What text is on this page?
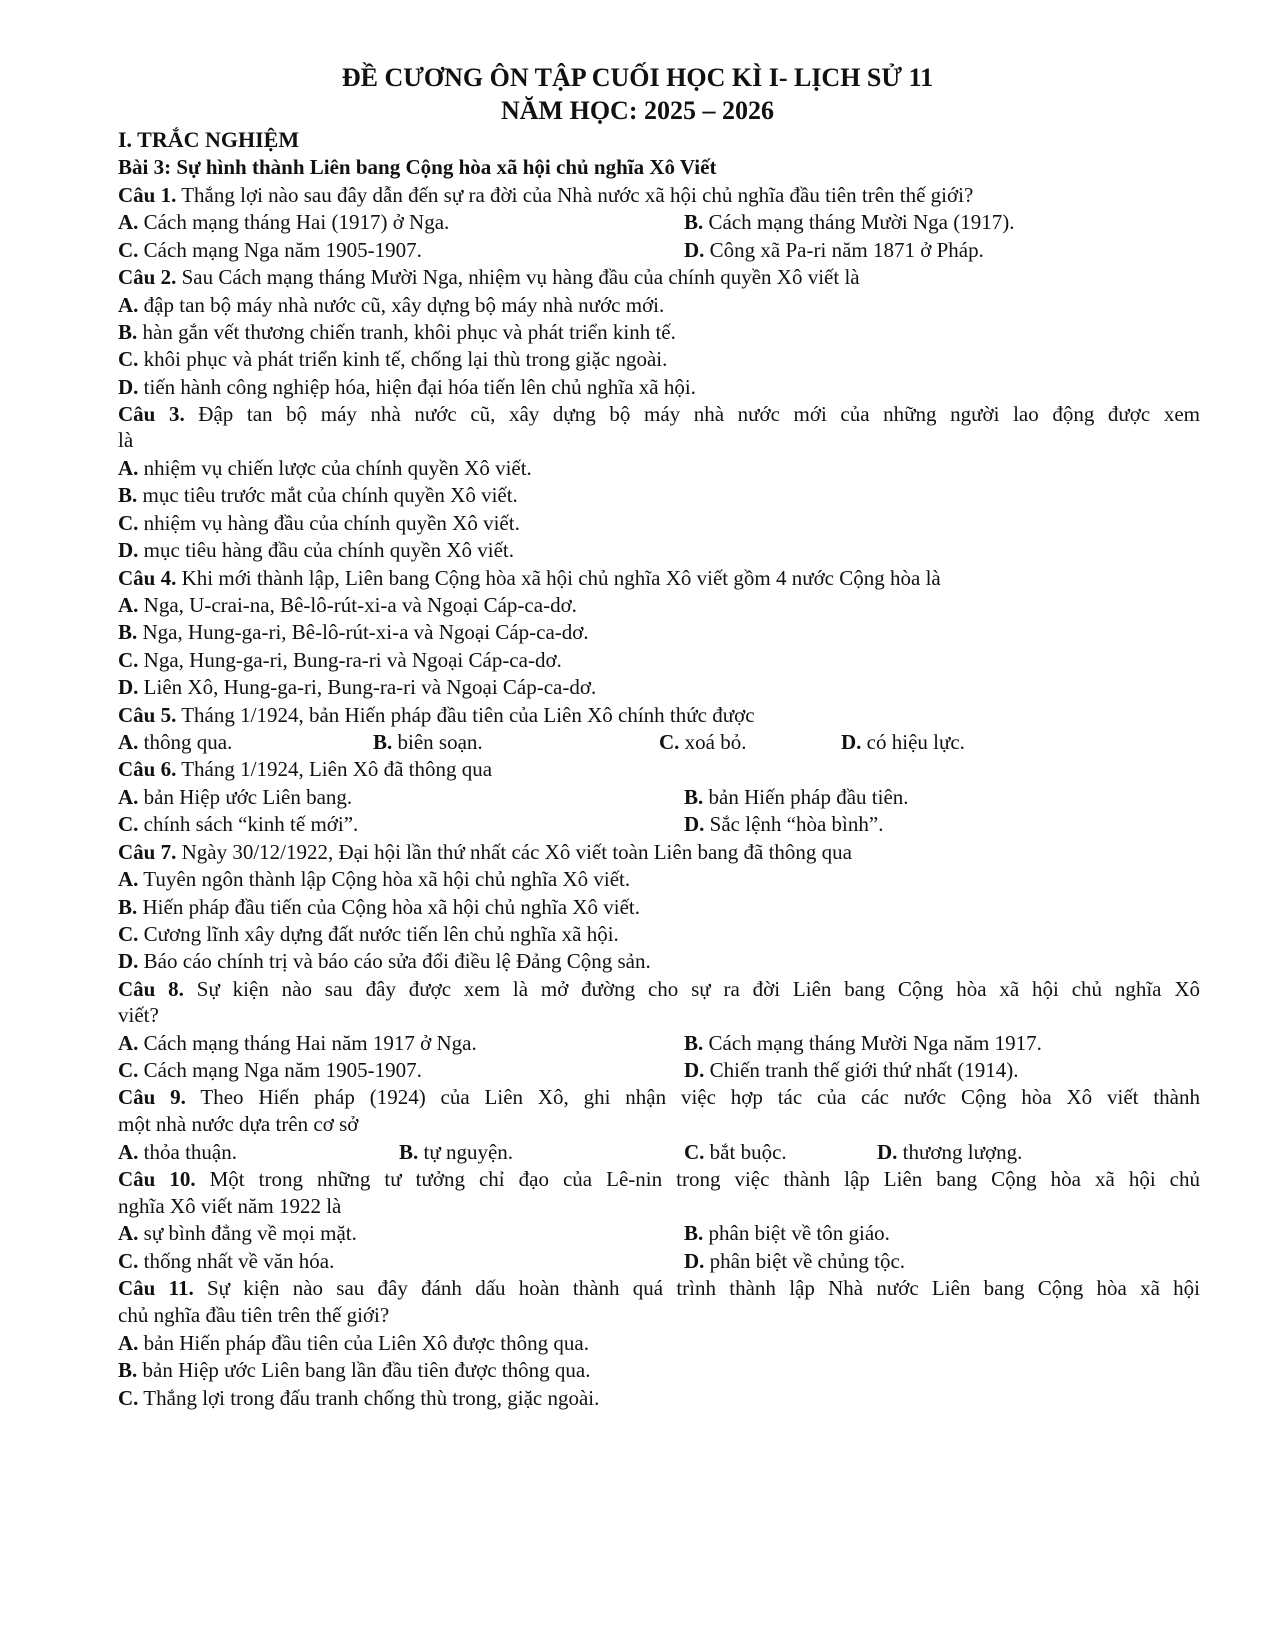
ĐỀ CƯƠNG ÔN TẬP CUỐI HỌC KÌ I- LỊCH SỬ 11
NĂM HỌC: 2025 – 2026
I. TRẮC NGHIỆM
Bài 3: Sự hình thành Liên bang Cộng hòa xã hội chủ nghĩa Xô Viết
Câu 1. Thắng lợi nào sau đây dẫn đến sự ra đời của Nhà nước xã hội chủ nghĩa đầu tiên trên thế giới?
A. Cách mạng tháng Hai (1917) ở Nga.	B. Cách mạng tháng Mười Nga (1917).
C. Cách mạng Nga năm 1905-1907.	D. Công xã Pa-ri năm 1871 ở Pháp.
Câu 2. Sau Cách mạng tháng Mười Nga, nhiệm vụ hàng đầu của chính quyền Xô viết là
A. đập tan bộ máy nhà nước cũ, xây dựng bộ máy nhà nước mới.
B. hàn gắn vết thương chiến tranh, khôi phục và phát triển kinh tế.
C. khôi phục và phát triển kinh tế, chống lại thù trong giặc ngoài.
D. tiến hành công nghiệp hóa, hiện đại hóa tiến lên chủ nghĩa xã hội.
Câu 3. Đập tan bộ máy nhà nước cũ, xây dựng bộ máy nhà nước mới của những người lao động được xem
là
A. nhiệm vụ chiến lược của chính quyền Xô viết.
B. mục tiêu trước mắt của chính quyền Xô viết.
C. nhiệm vụ hàng đầu của chính quyền Xô viết.
D. mục tiêu hàng đầu của chính quyền Xô viết.
Câu 4. Khi mới thành lập, Liên bang Cộng hòa xã hội chủ nghĩa Xô viết gồm 4 nước Cộng hòa là
A. Nga, U-crai-na, Bê-lô-rút-xi-a và Ngoại Cáp-ca-dơ.
B. Nga, Hung-ga-ri, Bê-lô-rút-xi-a và Ngoại Cáp-ca-dơ.
C. Nga, Hung-ga-ri, Bung-ra-ri và Ngoại Cáp-ca-dơ.
D. Liên Xô, Hung-ga-ri, Bung-ra-ri và Ngoại Cáp-ca-dơ.
Câu 5. Tháng 1/1924, bản Hiến pháp đầu tiên của Liên Xô chính thức được
A. thông qua.	B. biên soạn.	C. xoá bỏ.	D. có hiệu lực.
Câu 6. Tháng 1/1924, Liên Xô đã thông qua
A. bản Hiệp ước Liên bang.	B. bản Hiến pháp đầu tiên.
C. chính sách “kinh tế mới”.	D. Sắc lệnh “hòa bình”.
Câu 7. Ngày 30/12/1922, Đại hội lần thứ nhất các Xô viết toàn Liên bang đã thông qua
A. Tuyên ngôn thành lập Cộng hòa xã hội chủ nghĩa Xô viết.
B. Hiến pháp đầu tiến của Cộng hòa xã hội chủ nghĩa Xô viết.
C. Cương lĩnh xây dựng đất nước tiến lên chủ nghĩa xã hội.
D. Báo cáo chính trị và báo cáo sửa đổi điều lệ Đảng Cộng sản.
Câu 8. Sự kiện nào sau đây được xem là mở đường cho sự ra đời Liên bang Cộng hòa xã hội chủ nghĩa Xô
viết?
A. Cách mạng tháng Hai năm 1917 ở Nga.	B. Cách mạng tháng Mười Nga năm 1917.
C. Cách mạng Nga năm 1905-1907.	D. Chiến tranh thế giới thứ nhất (1914).
Câu 9. Theo Hiến pháp (1924) của Liên Xô, ghi nhận việc hợp tác của các nước Cộng hòa Xô viết thành
một nhà nước dựa trên cơ sở
A. thỏa thuận.	B. tự nguyện.	C. bắt buộc.	D. thương lượng.
Câu 10. Một trong những tư tưởng chỉ đạo của Lê-nin trong việc thành lập Liên bang Cộng hòa xã hội chủ
nghĩa Xô viết năm 1922 là
A. sự bình đẳng về mọi mặt.	B. phân biệt về tôn giáo.
C. thống nhất về văn hóa.	D. phân biệt về chủng tộc.
Câu 11. Sự kiện nào sau đây đánh dấu hoàn thành quá trình thành lập Nhà nước Liên bang Cộng hòa xã hội
chủ nghĩa đầu tiên trên thế giới?
A. bản Hiến pháp đầu tiên của Liên Xô được thông qua.
B. bản Hiệp ước Liên bang lần đầu tiên được thông qua.
C. Thắng lợi trong đấu tranh chống thù trong, giặc ngoài.
